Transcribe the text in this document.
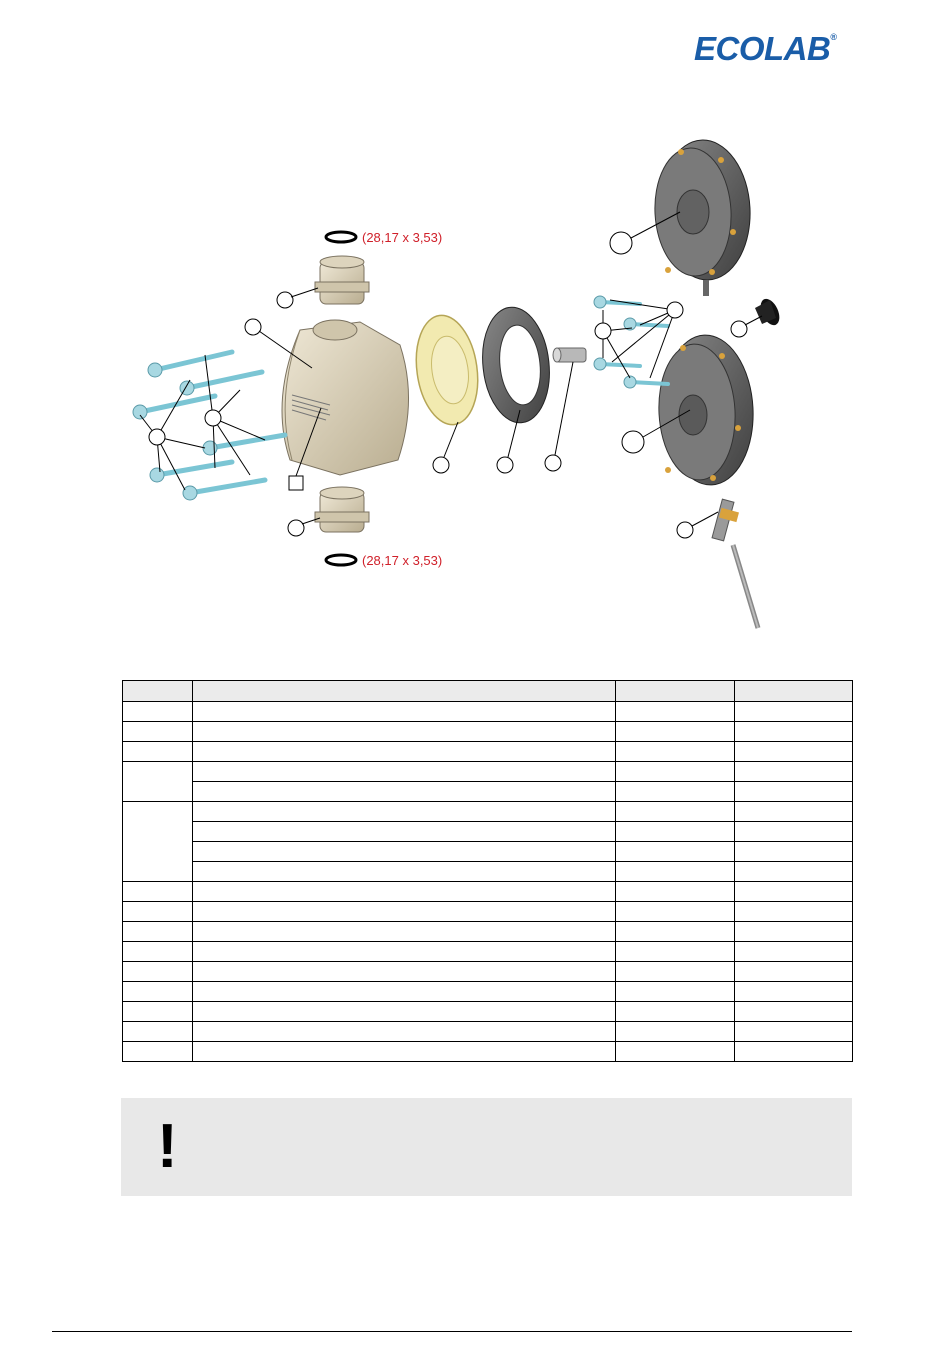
ECOLAB®
(28,17 x 3,53)
(28,17 x 3,53)

!
